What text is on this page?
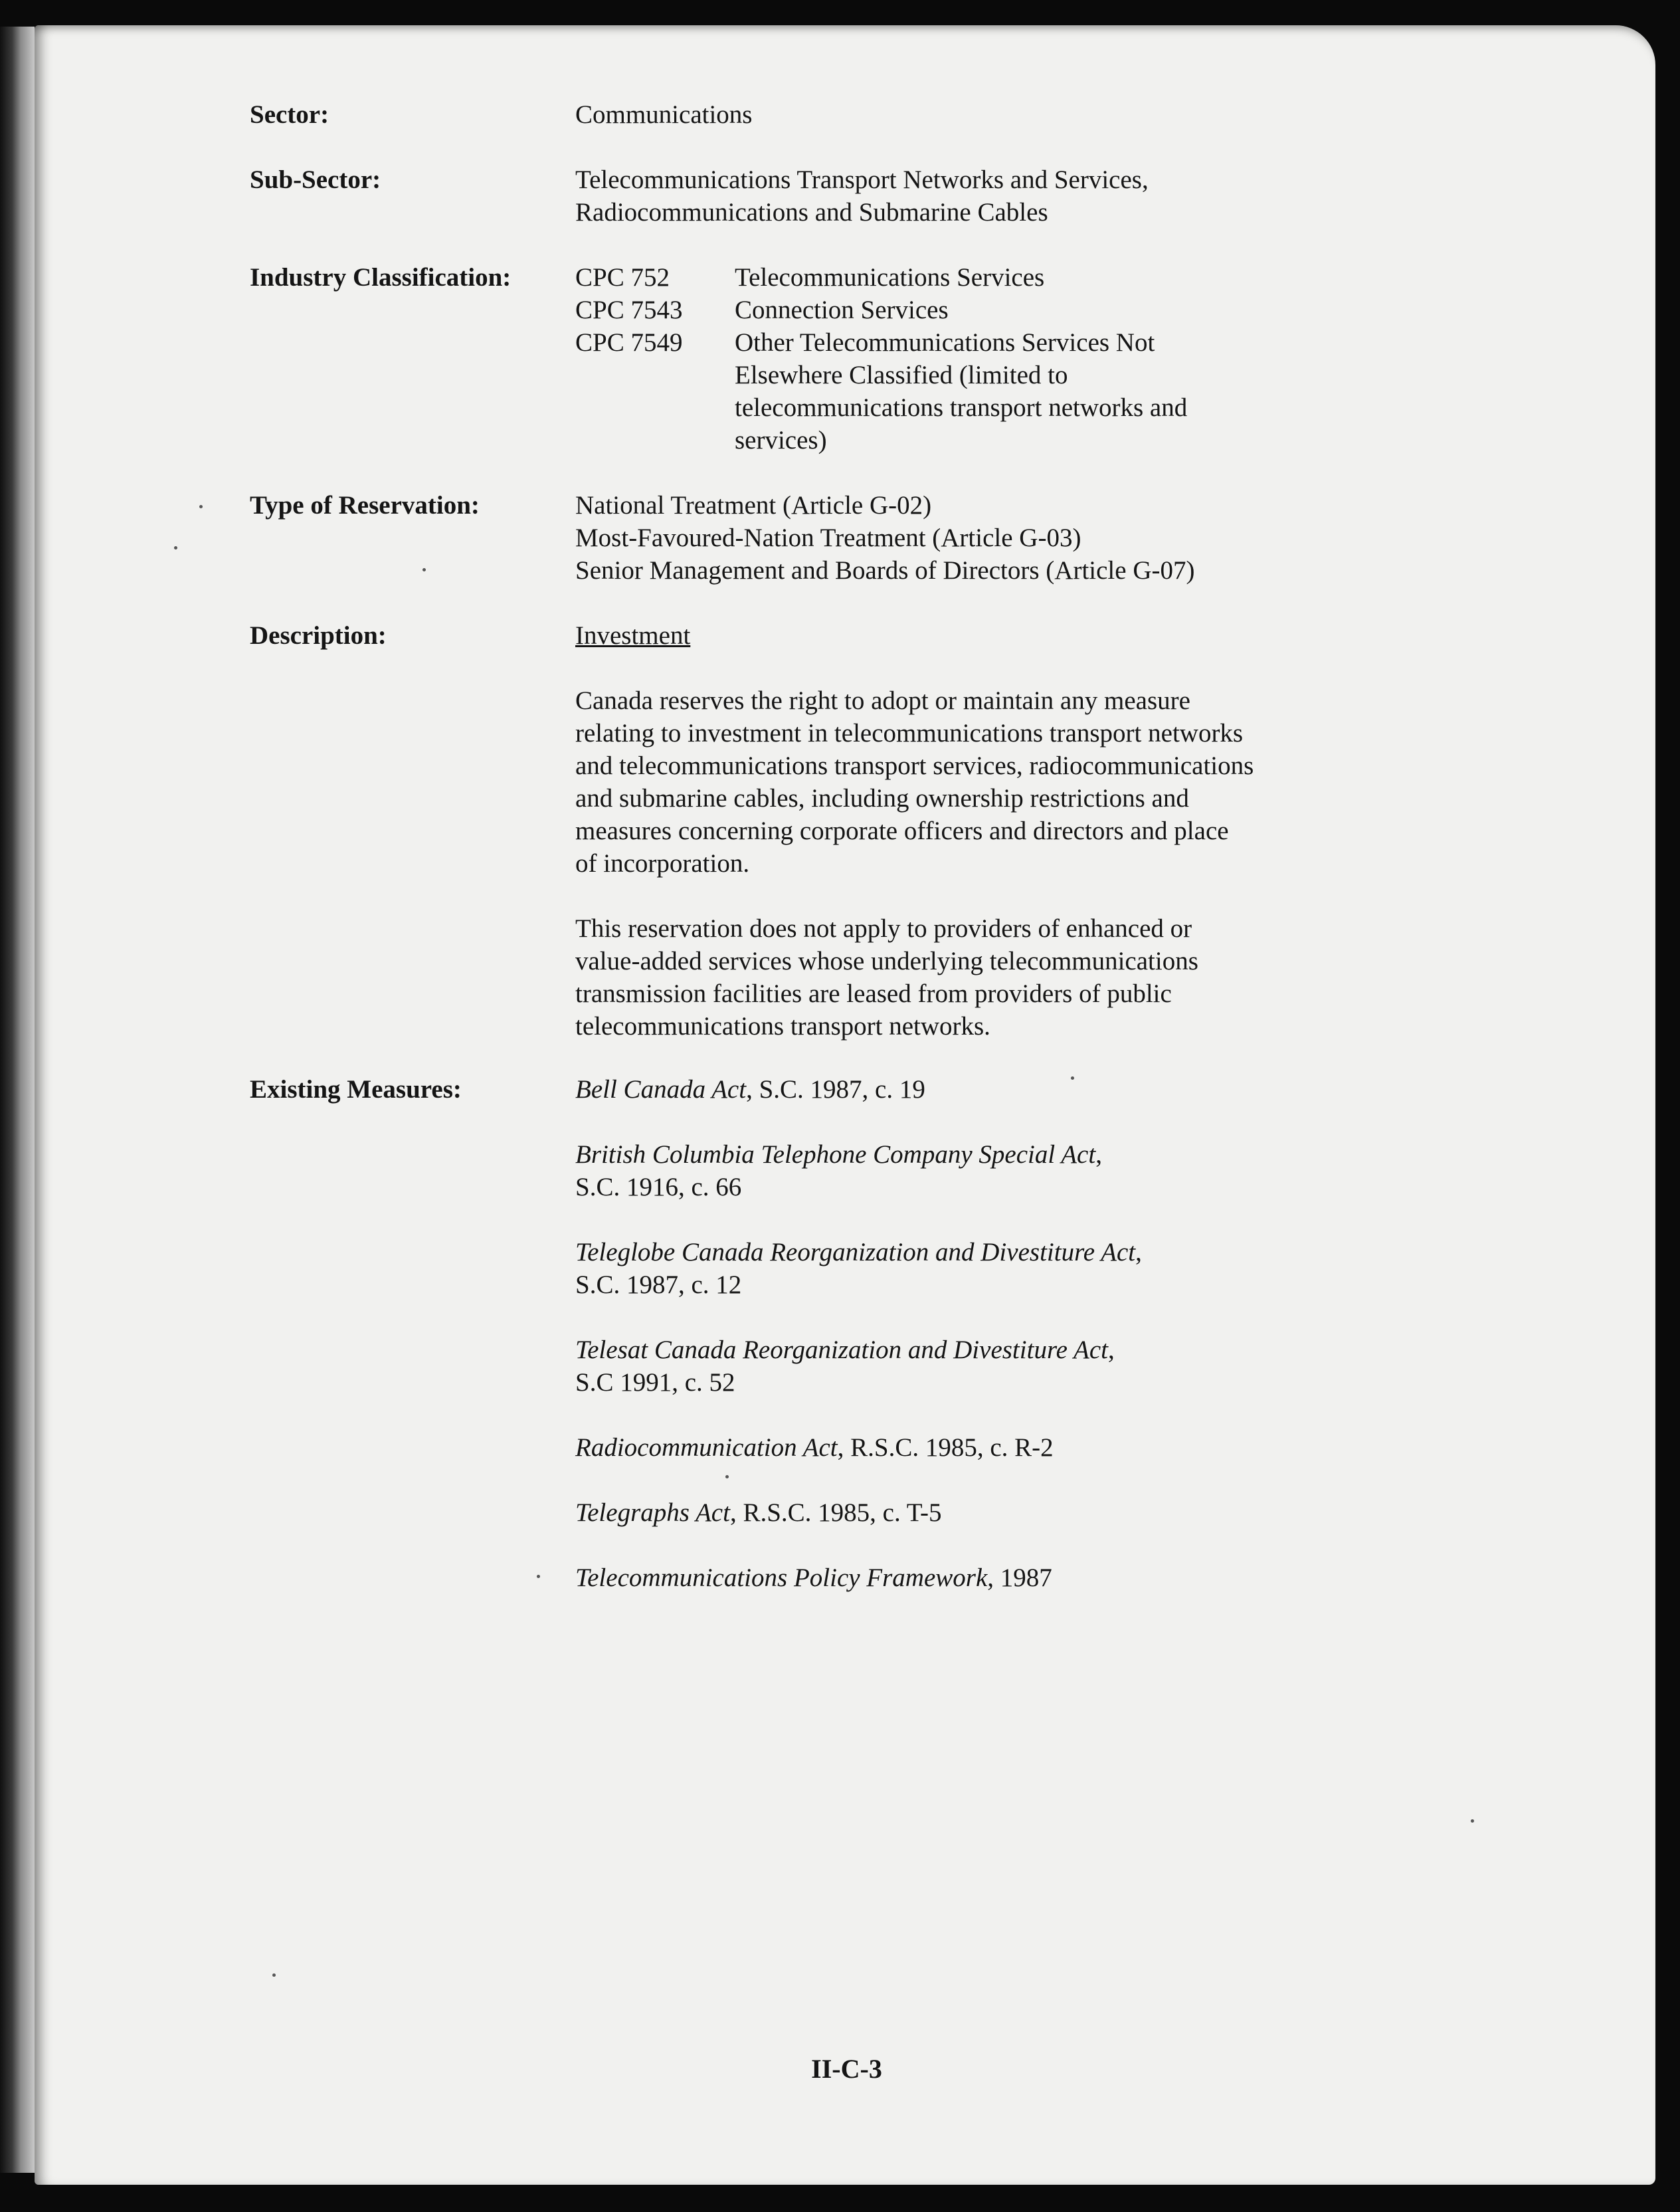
Sector:	Communications
Sub-Sector:	Telecommunications Transport Networks and Services,

Radiocommunications and Submarine Cables

Industry Classification:	CPC 752	Telecommunications Services

CPC 7543	Connection Services

CPC 7549	Other Telecommunications Services Not

Elsewhere Classified (limited to

telecommunications transport networks and

services)

Type of Reservation:	National Treatment (Article G-02)

Most-Favoured-Nation Treatment (Article G-03)

Senior Management and Boards of Directors (Article G-07)

Description:	Investment

Canada reserves the right to adopt or maintain any measure

relating to investment in telecommunications transport networks

and telecommunications transport services, radiocommunications

and submarine cables, including ownership restrictions and

measures concerning corporate officers and directors and place

of incorporation.

This reservation does not apply to providers of enhanced or

value-added services whose underlying telecommunications

transmission facilities are leased from providers of public

telecommunications transport networks.

Existing Measures:	Bell Canada Act, S.C. 1987, c. 19

British Columbia Telephone Company Special Act,

S.C. 1916, c. 66

Teleglobe Canada Reorganization and Divestiture Act,

S.C. 1987, c. 12

Telesat Canada Reorganization and Divestiture Act,

S.C 1991, c. 52

Radiocommunication Act, R.S.C. 1985, c. R-2

Telegraphs Act, R.S.C. 1985, c. T-5

Telecommunications Policy Framework, 1987

II-C-3
